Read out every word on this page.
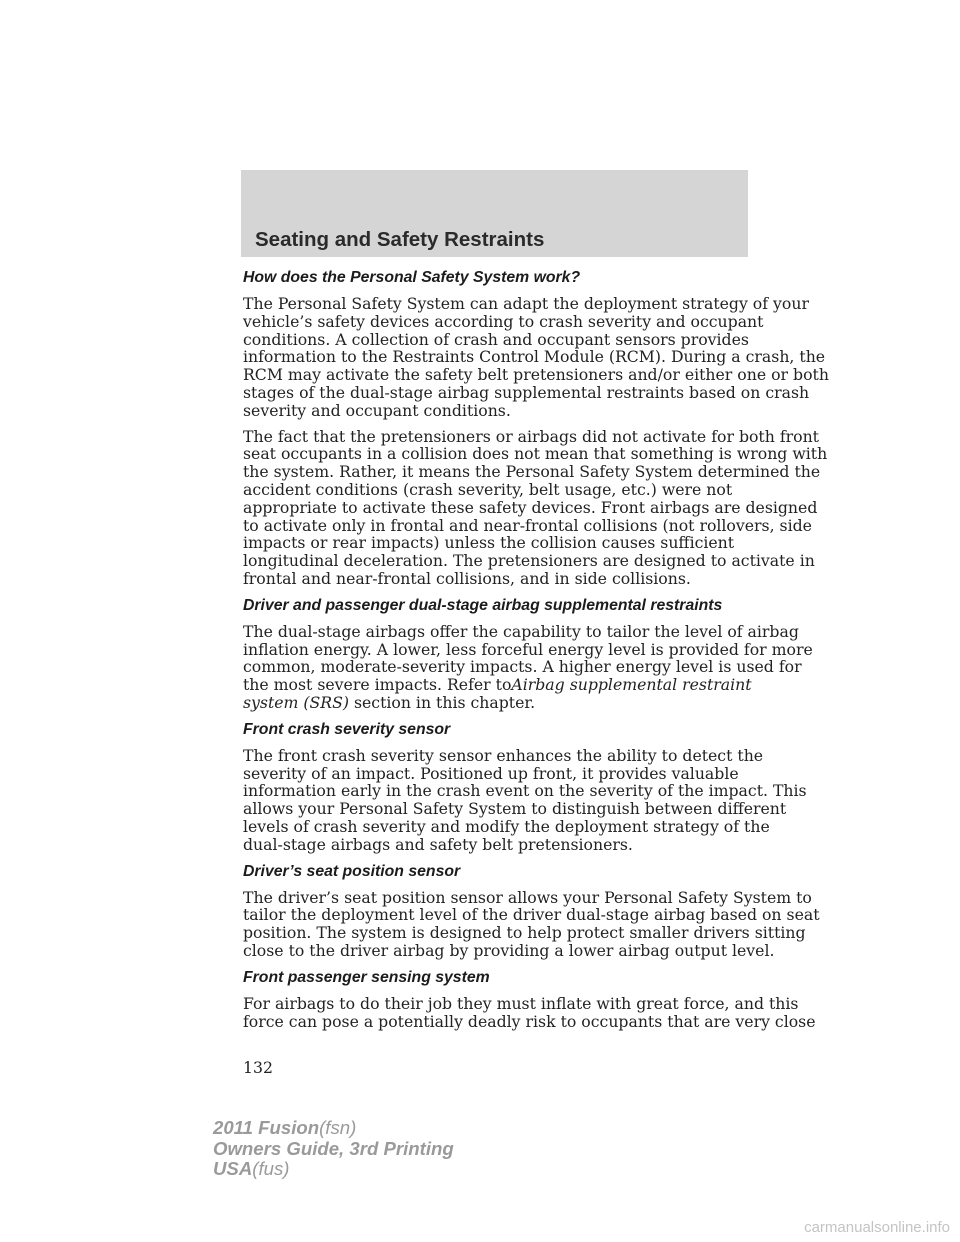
Seating and Safety Restraints
How does the Personal Safety System work?
The Personal Safety System can adapt the deployment strategy of your
vehicle’s safety devices according to crash severity and occupant
conditions. A collection of crash and occupant sensors provides
information to the Restraints Control Module (RCM). During a crash, the
RCM may activate the safety belt pretensioners and/or either one or both
stages of the dual-stage airbag supplemental restraints based on crash
severity and occupant conditions.
The fact that the pretensioners or airbags did not activate for both front
seat occupants in a collision does not mean that something is wrong with
the system. Rather, it means the Personal Safety System determined the
accident conditions (crash severity, belt usage, etc.) were not
appropriate to activate these safety devices. Front airbags are designed
to activate only in frontal and near-frontal collisions (not rollovers, side
impacts or rear impacts) unless the collision causes sufficient
longitudinal deceleration. The pretensioners are designed to activate in
frontal and near-frontal collisions, and in side collisions.
Driver and passenger dual-stage airbag supplemental restraints
The dual-stage airbags offer the capability to tailor the level of airbag
inflation energy. A lower, less forceful energy level is provided for more
common, moderate-severity impacts. A higher energy level is used for
the most severe impacts. Refer toAirbag supplemental restraint
system (SRS) section in this chapter.
Front crash severity sensor
The front crash severity sensor enhances the ability to detect the
severity of an impact. Positioned up front, it provides valuable
information early in the crash event on the severity of the impact. This
allows your Personal Safety System to distinguish between different
levels of crash severity and modify the deployment strategy of the
dual-stage airbags and safety belt pretensioners.
Driver’s seat position sensor
The driver’s seat position sensor allows your Personal Safety System to
tailor the deployment level of the driver dual-stage airbag based on seat
position. The system is designed to help protect smaller drivers sitting
close to the driver airbag by providing a lower airbag output level.
Front passenger sensing system
For airbags to do their job they must inflate with great force, and this
force can pose a potentially deadly risk to occupants that are very close
132
2011 Fusion(fsn)
Owners Guide, 3rd Printing
USA(fus)
carmanualsonline.info
